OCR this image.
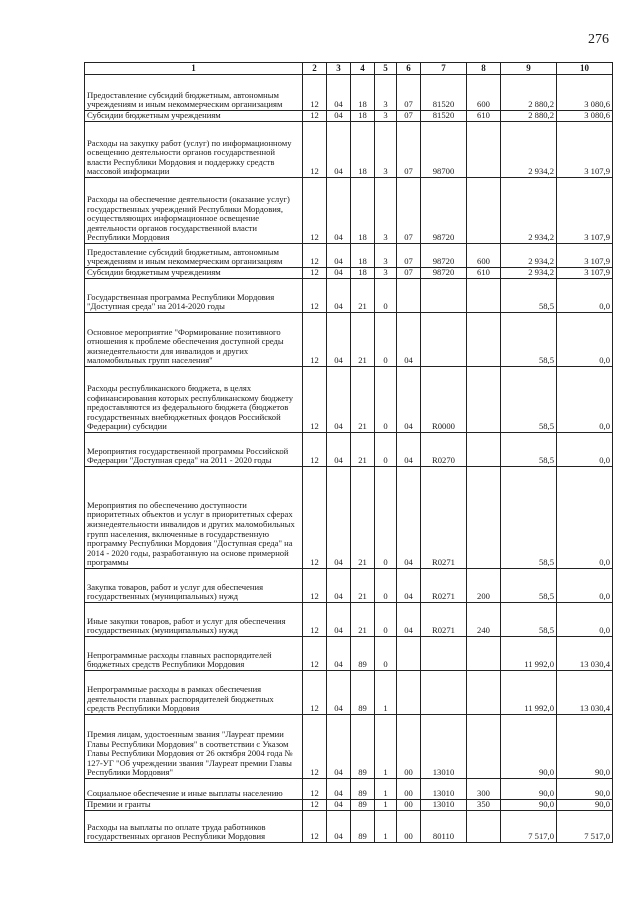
276
1	2	3	4	5	6	7	8	9	10
Предоставление субсидий бюджетным, автономным учреждениям и иным некоммерческим организациям	12	04	18	3	07	81520	600	2 880,2	3 080,6
Субсидии бюджетным учреждениям	12	04	18	3	07	81520	610	2 880,2	3 080,6
Расходы на закупку работ (услуг) по информационному освещению деятельности органов государственной власти Республики Мордовия и поддержку средств массовой информации	12	04	18	3	07	98700		2 934,2	3 107,9
Расходы на обеспечение деятельности (оказание услуг) государственных учреждений Республики Мордовия, осуществляющих информационное освещение деятельности органов государственной власти Республики Мордовия	12	04	18	3	07	98720		2 934,2	3 107,9
Предоставление субсидий бюджетным, автономным учреждениям и иным некоммерческим организациям	12	04	18	3	07	98720	600	2 934,2	3 107,9
Субсидии бюджетным учреждениям	12	04	18	3	07	98720	610	2 934,2	3 107,9
Государственная программа Республики Мордовия "Доступная среда" на 2014-2020 годы	12	04	21	0				58,5	0,0
Основное мероприятие "Формирование позитивного отношения к проблеме обеспечения доступной среды жизнедеятельности для инвалидов и других маломобильных групп населения"	12	04	21	0	04			58,5	0,0
Расходы республиканского бюджета, в целях софинансирования которых республиканскому бюджету предоставляются из федерального бюджета (бюджетов государственных внебюджетных фондов Российской Федерации) субсидии	12	04	21	0	04	R0000		58,5	0,0
Мероприятия государственной программы Российской Федерации "Доступная среда" на 2011 - 2020 годы	12	04	21	0	04	R0270		58,5	0,0
Мероприятия по обеспечению доступности приоритетных объектов и услуг в приоритетных сферах жизнедеятельности инвалидов и других маломобильных групп населения, включенные в государственную программу Республики Мордовия "Доступная среда" на 2014 - 2020 годы, разработанную на основе примерной программы	12	04	21	0	04	R0271		58,5	0,0
Закупка товаров, работ и услуг для обеспечения государственных (муниципальных) нужд	12	04	21	0	04	R0271	200	58,5	0,0
Иные закупки товаров, работ и услуг для обеспечения государственных (муниципальных) нужд	12	04	21	0	04	R0271	240	58,5	0,0
Непрограммные расходы главных распорядителей бюджетных средств Республики Мордовия	12	04	89	0				11 992,0	13 030,4
Непрограммные расходы в рамках обеспечения деятельности главных распорядителей бюджетных средств Республики Мордовия	12	04	89	1				11 992,0	13 030,4
Премия лицам, удостоенным звания "Лауреат премии Главы Республики Мордовия" в соответствии с Указом Главы Республики Мордовия от 26 октября 2004 года № 127-УГ "Об учреждении звания "Лауреат премии Главы Республики Мордовия"	12	04	89	1	00	13010		90,0	90,0
Социальное обеспечение и иные выплаты населению	12	04	89	1	00	13010	300	90,0	90,0
Премии и гранты	12	04	89	1	00	13010	350	90,0	90,0
Расходы на выплаты по оплате труда работников государственных органов Республики Мордовия	12	04	89	1	00	80110		7 517,0	7 517,0
